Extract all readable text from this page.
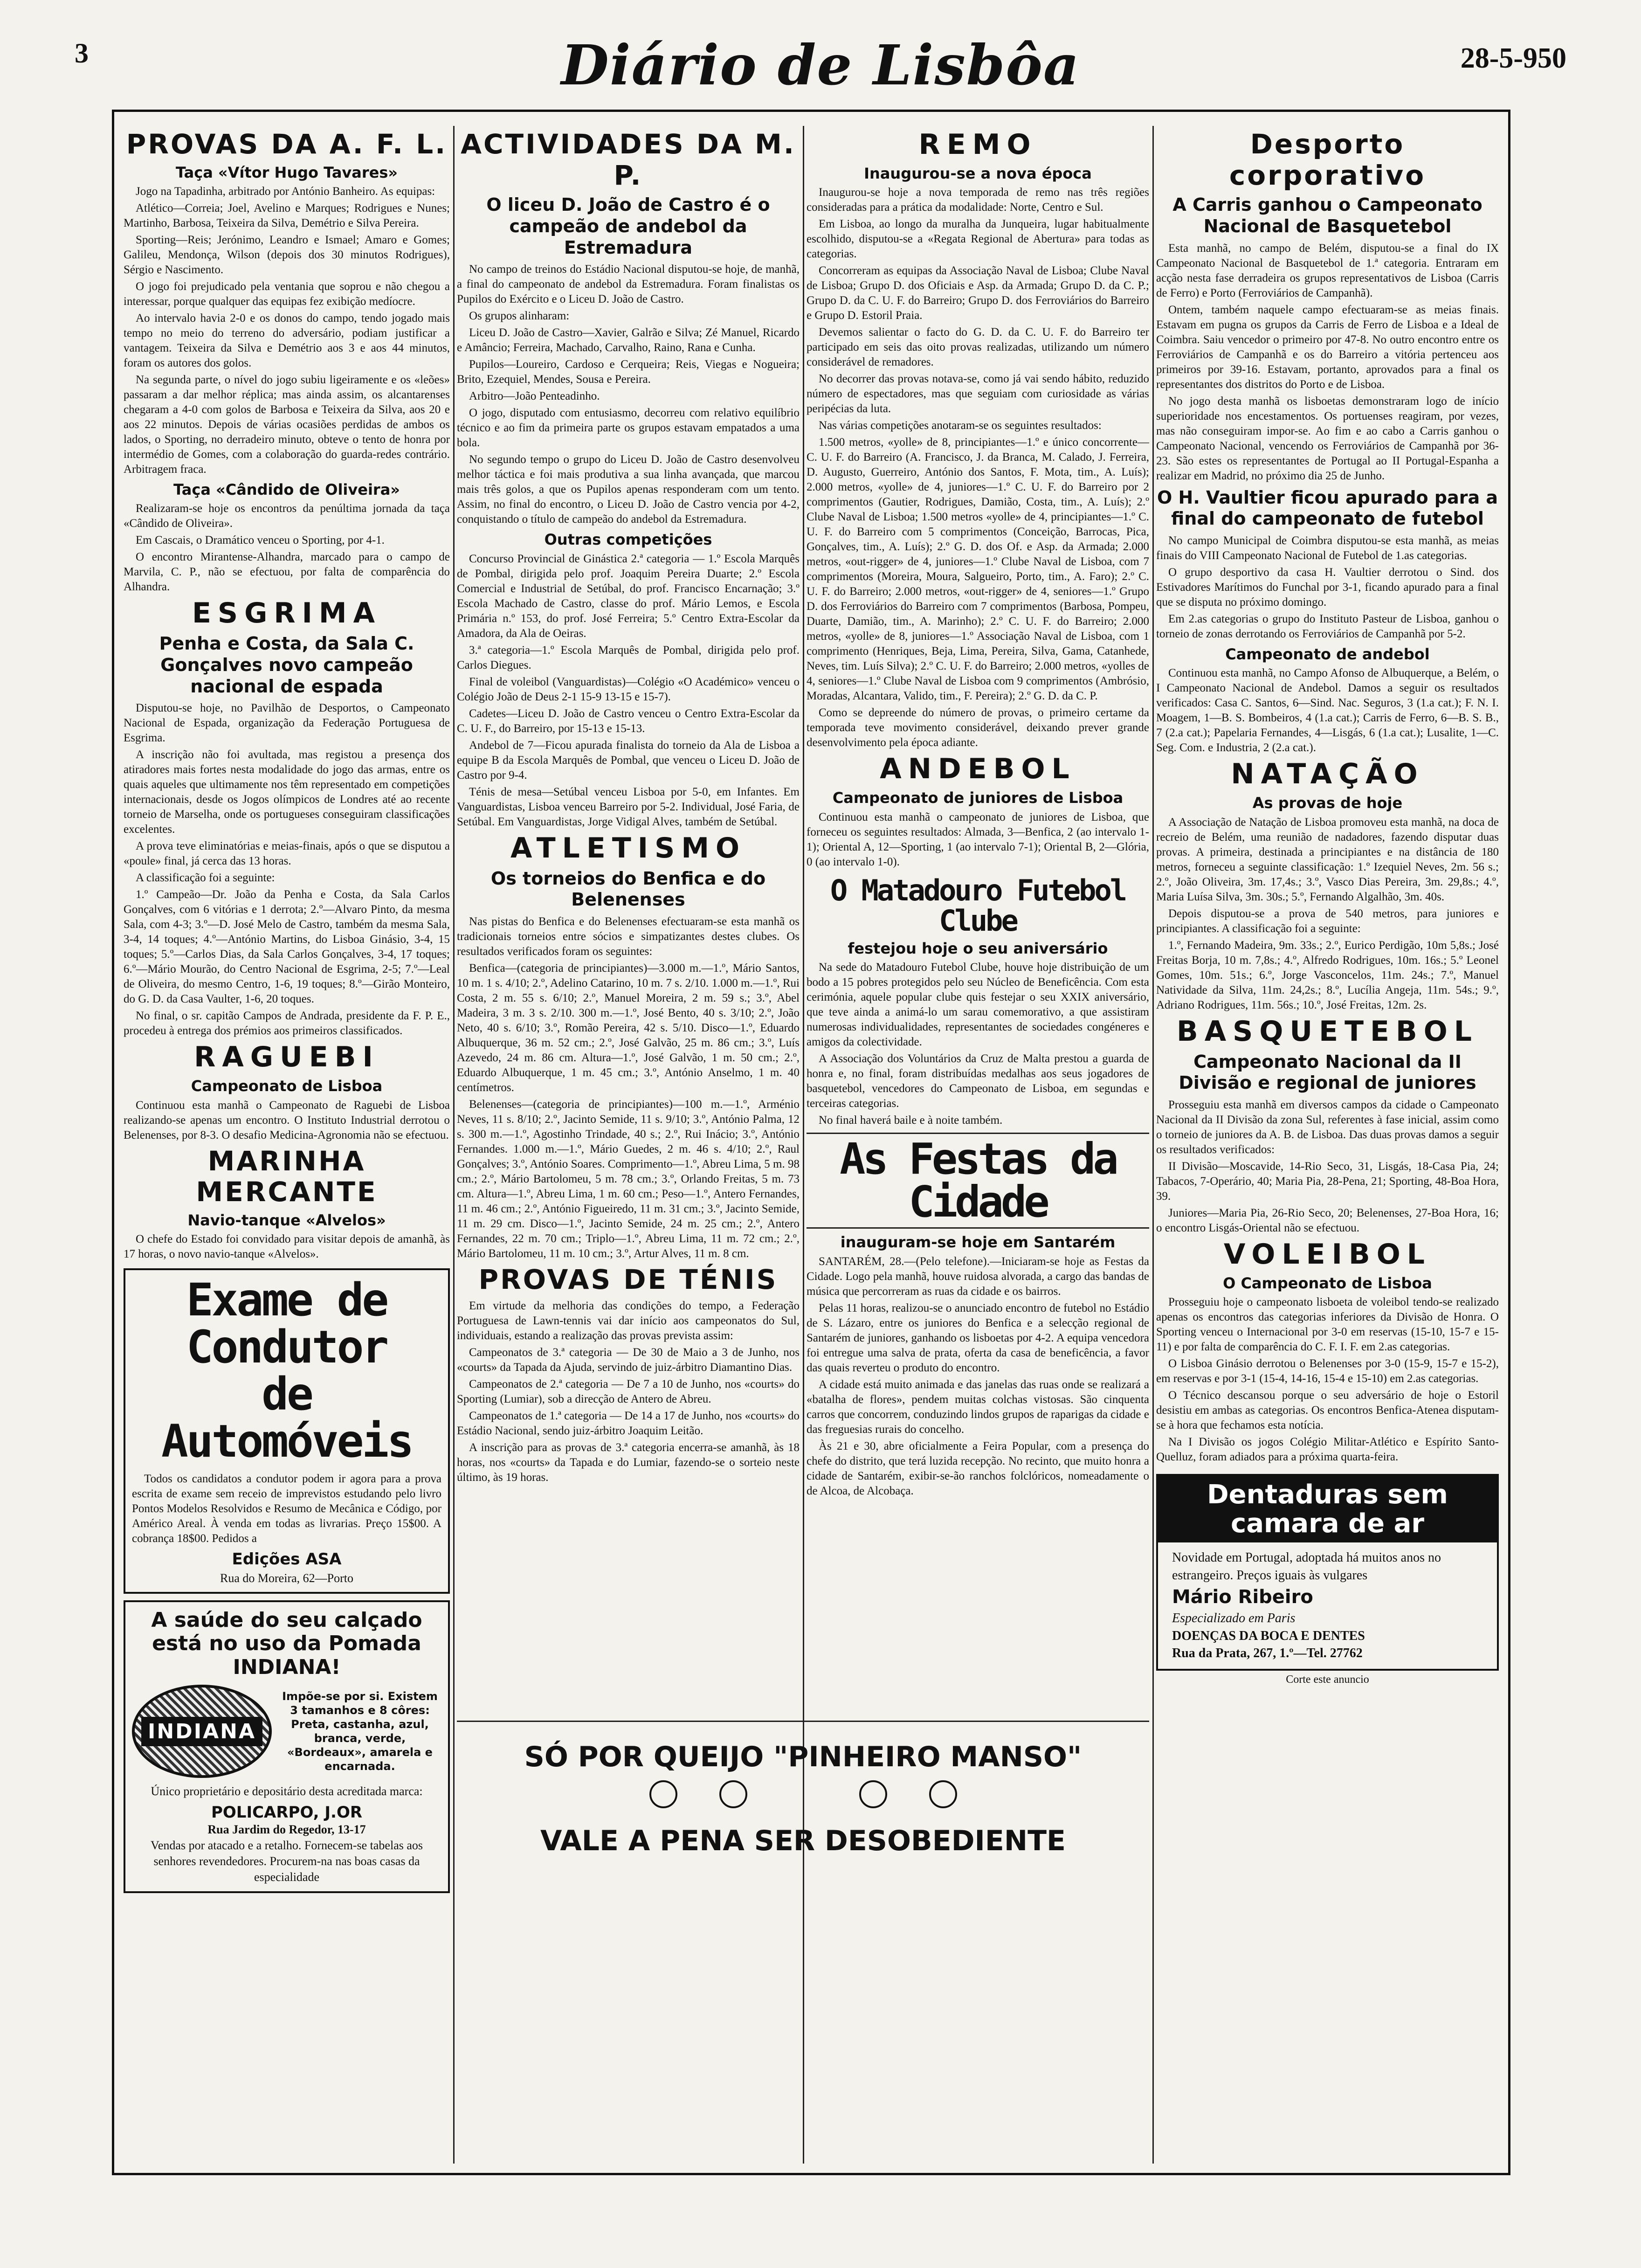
3	Diário de Lisbôa	28-5-950
PROVAS DA A. F. L.
Taça «Vítor Hugo Tavares»

Jogo na Tapadinha, arbitrado por António Banheiro. As equipas:

Atlético—Correia; Joel, Avelino e Marques; Rodrigues e Nunes; Martinho, Barbosa, Teixeira da Silva, Demétrio e Silva Pereira.

Sporting—Reis; Jerónimo, Leandro e Ismael; Amaro e Gomes; Galileu, Mendonça, Wilson (depois dos 30 minutos Rodrigues), Sérgio e Nascimento.

O jogo foi prejudicado pela ventania que soprou e não chegou a interessar, porque qualquer das equipas fez exibição medíocre.

Ao intervalo havia 2-0 e os donos do campo, tendo jogado mais tempo no meio do terreno do adversário, podiam justificar a vantagem. Teixeira da Silva e Demétrio aos 3 e aos 44 minutos, foram os autores dos golos.

Na segunda parte, o nível do jogo subiu ligeiramente e os «leões» passaram a dar melhor réplica; mas ainda assim, os alcantarenses chegaram a 4-0 com golos de Barbosa e Teixeira da Silva, aos 20 e aos 22 minutos. Depois de várias ocasiões perdidas de ambos os lados, o Sporting, no derradeiro minuto, obteve o tento de honra por intermédio de Gomes, com a colaboração do guarda-redes contrário. Arbitragem fraca.

Taça «Cândido de Oliveira»

Realizaram-se hoje os encontros da penúltima jornada da taça «Cândido de Oliveira».

Em Cascais, o Dramático venceu o Sporting, por 4-1.

O encontro Mirantense-Alhandra, marcado para o campo de Marvila, C. P., não se efectuou, por falta de comparência do Alhandra.

ESGRIMA
Penha e Costa, da Sala C. Gonçalves novo campeão nacional de espada

Disputou-se hoje, no Pavilhão de Desportos, o Campeonato Nacional de Espada, organização da Federação Portuguesa de Esgrima.

A inscrição não foi avultada, mas registou a presença dos atiradores mais fortes nesta modalidade do jogo das armas, entre os quais aqueles que ultimamente nos têm representado em competições internacionais, desde os Jogos olímpicos de Londres até ao recente torneio de Marselha, onde os portugueses conseguiram classificações excelentes.

A prova teve eliminatórias e meias-finais, após o que se disputou a «poule» final, já cerca das 13 horas.

A classificação foi a seguinte:

1.º Campeão—Dr. João da Penha e Costa, da Sala Carlos Gonçalves, com 6 vitórias e 1 derrota; 2.º—Alvaro Pinto, da mesma Sala, com 4-3; 3.º—D. José Melo de Castro, também da mesma Sala, 3-4, 14 toques; 4.º—António Martins, do Lisboa Ginásio, 3-4, 15 toques; 5.º—Carlos Dias, da Sala Carlos Gonçalves, 3-4, 17 toques; 6.º—Mário Mourão, do Centro Nacional de Esgrima, 2-5; 7.º—Leal de Oliveira, do mesmo Centro, 1-6, 19 toques; 8.º—Girão Monteiro, do G. D. da Casa Vaulter, 1-6, 20 toques.

No final, o sr. capitão Campos de Andrada, presidente da F. P. E., procedeu à entrega dos prémios aos primeiros classificados.

RAGUEBI
Campeonato de Lisboa

Continuou esta manhã o Campeonato de Raguebi de Lisboa realizando-se apenas um encontro. O Instituto Industrial derrotou o Belenenses, por 8-3. O desafio Medicina-Agronomia não se efectuou.

MARINHA MERCANTE
Navio-tanque «Alvelos»

O chefe do Estado foi convidado para visitar depois de amanhã, às 17 horas, o novo navio-tanque «Alvelos».

Exame de Condutor
de Automóveis

Todos os candidatos a condutor podem ir agora para a prova escrita de exame sem receio de imprevistos estudando pelo livro Pontos Modelos Resolvidos e Resumo de Mecânica e Código, por Américo Areal. À venda em todas as livrarias. Preço 15$00. A cobrança 18$00. Pedidos a

Edições ASA
Rua do Moreira, 62—Porto
A saúde do seu calçado está no uso da Pomada INDIANA!
INDIANA
Impõe-se por si. Existem 3 tamanhos e 8 côres: Preta, castanha, azul, branca, verde, «Bordeaux», amarela e encarnada.
Único proprietário e depositário desta acreditada marca:
POLICARPO, J.OR
Rua Jardim do Regedor, 13-17
Vendas por atacado e a retalho. Fornecem-se tabelas aos senhores revendedores. Procurem-na nas boas casas da especialidade
ACTIVIDADES DA M. P.
O liceu D. João de Castro é o campeão de andebol da Estremadura

No campo de treinos do Estádio Nacional disputou-se hoje, de manhã, a final do campeonato de andebol da Estremadura. Foram finalistas os Pupilos do Exército e o Liceu D. João de Castro.

Os grupos alinharam:

Liceu D. João de Castro—Xavier, Galrão e Silva; Zé Manuel, Ricardo e Amâncio; Ferreira, Machado, Carvalho, Raino, Rana e Cunha.

Pupilos—Loureiro, Cardoso e Cerqueira; Reis, Viegas e Nogueira; Brito, Ezequiel, Mendes, Sousa e Pereira.

Arbitro—João Penteadinho.

O jogo, disputado com entusiasmo, decorreu com relativo equilíbrio técnico e ao fim da primeira parte os grupos estavam empatados a uma bola.

No segundo tempo o grupo do Liceu D. João de Castro desenvolveu melhor táctica e foi mais produtiva a sua linha avançada, que marcou mais três golos, a que os Pupilos apenas responderam com um tento. Assim, no final do encontro, o Liceu D. João de Castro vencia por 4-2, conquistando o título de campeão do andebol da Estremadura.

Outras competições

Concurso Provincial de Ginástica 2.ª categoria — 1.º Escola Marquês de Pombal, dirigida pelo prof. Joaquim Pereira Duarte; 2.º Escola Comercial e Industrial de Setúbal, do prof. Francisco Encarnação; 3.º Escola Machado de Castro, classe do prof. Mário Lemos, e Escola Primária n.º 153, do prof. José Ferreira; 5.º Centro Extra-Escolar da Amadora, da Ala de Oeiras.

3.ª categoria—1.º Escola Marquês de Pombal, dirigida pelo prof. Carlos Diegues.

Final de voleibol (Vanguardistas)—Colégio «O Académico» venceu o Colégio João de Deus 2-1 15-9 13-15 e 15-7).

Cadetes—Liceu D. João de Castro venceu o Centro Extra-Escolar da C. U. F., do Barreiro, por 15-13 e 15-13.

Andebol de 7—Ficou apurada finalista do torneio da Ala de Lisboa a equipe B da Escola Marquês de Pombal, que venceu o Liceu D. João de Castro por 9-4.

Ténis de mesa—Setúbal venceu Lisboa por 5-0, em Infantes. Em Vanguardistas, Lisboa venceu Barreiro por 5-2. Individual, José Faria, de Setúbal. Em Vanguardistas, Jorge Vidigal Alves, também de Setúbal.

ATLETISMO
Os torneios do Benfica e do Belenenses

Nas pistas do Benfica e do Belenenses efectuaram-se esta manhã os tradicionais torneios entre sócios e simpatizantes destes clubes. Os resultados verificados foram os seguintes:

Benfica—(categoria de principiantes)—3.000 m.—1.º, Mário Santos, 10 m. 1 s. 4/10; 2.º, Adelino Catarino, 10 m. 7 s. 2/10. 1.000 m.—1.º, Rui Costa, 2 m. 55 s. 6/10; 2.º, Manuel Moreira, 2 m. 59 s.; 3.º, Abel Madeira, 3 m. 3 s. 2/10. 300 m.—1.º, José Bento, 40 s. 3/10; 2.º, João Neto, 40 s. 6/10; 3.º, Romão Pereira, 42 s. 5/10. Disco—1.º, Eduardo Albuquerque, 36 m. 52 cm.; 2.º, José Galvão, 25 m. 86 cm.; 3.º, Luís Azevedo, 24 m. 86 cm. Altura—1.º, José Galvão, 1 m. 50 cm.; 2.º, Eduardo Albuquerque, 1 m. 45 cm.; 3.º, António Anselmo, 1 m. 40 centímetros.

Belenenses—(categoria de principiantes)—100 m.—1.º, Arménio Neves, 11 s. 8/10; 2.º, Jacinto Semide, 11 s. 9/10; 3.º, António Palma, 12 s. 300 m.—1.º, Agostinho Trindade, 40 s.; 2.º, Rui Inácio; 3.º, António Fernandes. 1.000 m.—1.º, Mário Guedes, 2 m. 46 s. 4/10; 2.º, Raul Gonçalves; 3.º, António Soares. Comprimento—1.º, Abreu Lima, 5 m. 98 cm.; 2.º, Mário Bartolomeu, 5 m. 78 cm.; 3.º, Orlando Freitas, 5 m. 73 cm. Altura—1.º, Abreu Lima, 1 m. 60 cm.; Peso—1.º, Antero Fernandes, 11 m. 46 cm.; 2.º, António Figueiredo, 11 m. 31 cm.; 3.º, Jacinto Semide, 11 m. 29 cm. Disco—1.º, Jacinto Semide, 24 m. 25 cm.; 2.º, Antero Fernandes, 22 m. 70 cm.; Triplo—1.º, Abreu Lima, 11 m. 72 cm.; 2.º, Mário Bartolomeu, 11 m. 10 cm.; 3.º, Artur Alves, 11 m. 8 cm.

PROVAS DE TÉNIS

Em virtude da melhoria das condições do tempo, a Federação Portuguesa de Lawn-tennis vai dar início aos campeonatos do Sul, individuais, estando a realização das provas prevista assim:

Campeonatos de 3.ª categoria — De 30 de Maio a 3 de Junho, nos «courts» da Tapada da Ajuda, servindo de juiz-árbitro Diamantino Dias.

Campeonatos de 2.ª categoria — De 7 a 10 de Junho, nos «courts» do Sporting (Lumiar), sob a direcção de Antero de Abreu.

Campeonatos de 1.ª categoria — De 14 a 17 de Junho, nos «courts» do Estádio Nacional, sendo juiz-árbitro Joaquim Leitão.

A inscrição para as provas de 3.ª categoria encerra-se amanhã, às 18 horas, nos «courts» da Tapada e do Lumiar, fazendo-se o sorteio neste último, às 19 horas.

REMO
Inaugurou-se a nova época

Inaugurou-se hoje a nova temporada de remo nas três regiões consideradas para a prática da modalidade: Norte, Centro e Sul.

Em Lisboa, ao longo da muralha da Junqueira, lugar habitualmente escolhido, disputou-se a «Regata Regional de Abertura» para todas as categorias.

Concorreram as equipas da Associação Naval de Lisboa; Clube Naval de Lisboa; Grupo D. dos Oficiais e Asp. da Armada; Grupo D. da C. P.; Grupo D. da C. U. F. do Barreiro; Grupo D. dos Ferroviários do Barreiro e Grupo D. Estoril Praia.

Devemos salientar o facto do G. D. da C. U. F. do Barreiro ter participado em seis das oito provas realizadas, utilizando um número considerável de remadores.

No decorrer das provas notava-se, como já vai sendo hábito, reduzido número de espectadores, mas que seguiam com curiosidade as várias peripécias da luta.

Nas várias competições anotaram-se os seguintes resultados:

1.500 metros, «yolle» de 8, principiantes—1.º e único concorrente—C. U. F. do Barreiro (A. Francisco, J. da Branca, M. Calado, J. Ferreira, D. Augusto, Guerreiro, António dos Santos, F. Mota, tim., A. Luís); 2.000 metros, «yolle» de 4, juniores—1.º C. U. F. do Barreiro por 2 comprimentos (Gautier, Rodrigues, Damião, Costa, tim., A. Luís); 2.º Clube Naval de Lisboa; 1.500 metros «yolle» de 4, principiantes—1.º C. U. F. do Barreiro com 5 comprimentos (Conceição, Barrocas, Pica, Gonçalves, tim., A. Luís); 2.º G. D. dos Of. e Asp. da Armada; 2.000 metros, «out-rigger» de 4, juniores—1.º Clube Naval de Lisboa, com 7 comprimentos (Moreira, Moura, Salgueiro, Porto, tim., A. Faro); 2.º C. U. F. do Barreiro; 2.000 metros, «out-rigger» de 4, seniores—1.º Grupo D. dos Ferroviários do Barreiro com 7 comprimentos (Barbosa, Pompeu, Duarte, Damião, tim., A. Marinho); 2.º C. U. F. do Barreiro; 2.000 metros, «yolle» de 8, juniores—1.º Associação Naval de Lisboa, com 1 comprimento (Henriques, Beja, Lima, Pereira, Silva, Gama, Catanhede, Neves, tim. Luís Silva); 2.º C. U. F. do Barreiro; 2.000 metros, «yolles de 4, seniores—1.º Clube Naval de Lisboa com 9 comprimentos (Ambrósio, Moradas, Alcantara, Valido, tim., F. Pereira); 2.º G. D. da C. P.

Como se depreende do número de provas, o primeiro certame da temporada teve movimento considerável, deixando prever grande desenvolvimento pela época adiante.

ANDEBOL
Campeonato de juniores de Lisboa

Continuou esta manhã o campeonato de juniores de Lisboa, que forneceu os seguintes resultados: Almada, 3—Benfica, 2 (ao intervalo 1-1); Oriental A, 12—Sporting, 1 (ao intervalo 7-1); Oriental B, 2—Glória, 0 (ao intervalo 1-0).

O Matadouro Futebol Clube
festejou hoje o seu aniversário

Na sede do Matadouro Futebol Clube, houve hoje distribuição de um bodo a 15 pobres protegidos pelo seu Núcleo de Beneficência. Com esta cerimónia, aquele popular clube quis festejar o seu XXIX aniversário, que teve ainda a animá-lo um sarau comemorativo, a que assistiram numerosas individualidades, representantes de sociedades congéneres e amigos da colectividade.

A Associação dos Voluntários da Cruz de Malta prestou a guarda de honra e, no final, foram distribuídas medalhas aos seus jogadores de basquetebol, vencedores do Campeonato de Lisboa, em segundas e terceiras categorias.

No final haverá baile e à noite também.

As Festas da Cidade
inauguram-se hoje em Santarém

SANTARÉM, 28.—(Pelo telefone).—Iniciaram-se hoje as Festas da Cidade. Logo pela manhã, houve ruidosa alvorada, a cargo das bandas de música que percorreram as ruas da cidade e os bairros.

Pelas 11 horas, realizou-se o anunciado encontro de futebol no Estádio de S. Lázaro, entre os juniores do Benfica e a selecção regional de Santarém de juniores, ganhando os lisboetas por 4-2. A equipa vencedora foi entregue uma salva de prata, oferta da casa de beneficência, a favor das quais reverteu o produto do encontro.

A cidade está muito animada e das janelas das ruas onde se realizará a «batalha de flores», pendem muitas colchas vistosas. São cinquenta carros que concorrem, conduzindo lindos grupos de raparigas da cidade e das freguesias rurais do concelho.

Às 21 e 30, abre oficialmente a Feira Popular, com a presença do chefe do distrito, que terá luzida recepção. No recinto, que muito honra a cidade de Santarém, exibir-se-ão ranchos folclóricos, nomeadamente o de Alcoa, de Alcobaça.

Desporto corporativo
A Carris ganhou o Campeonato Nacional de Basquetebol

Esta manhã, no campo de Belém, disputou-se a final do IX Campeonato Nacional de Basquetebol de 1.ª categoria. Entraram em acção nesta fase derradeira os grupos representativos de Lisboa (Carris de Ferro) e Porto (Ferroviários de Campanhã).

Ontem, também naquele campo efectuaram-se as meias finais. Estavam em pugna os grupos da Carris de Ferro de Lisboa e a Ideal de Coimbra. Saiu vencedor o primeiro por 47-8. No outro encontro entre os Ferroviários de Campanhã e os do Barreiro a vitória pertenceu aos primeiros por 39-16. Estavam, portanto, aprovados para a final os representantes dos distritos do Porto e de Lisboa.

No jogo desta manhã os lisboetas demonstraram logo de início superioridade nos encestamentos. Os portuenses reagiram, por vezes, mas não conseguiram impor-se. Ao fim e ao cabo a Carris ganhou o Campeonato Nacional, vencendo os Ferroviários de Campanhã por 36-23. São estes os representantes de Portugal ao II Portugal-Espanha a realizar em Madrid, no próximo dia 25 de Junho.

O H. Vaultier ficou apurado para a final do campeonato de futebol

No campo Municipal de Coimbra disputou-se esta manhã, as meias finais do VIII Campeonato Nacional de Futebol de 1.as categorias.

O grupo desportivo da casa H. Vaultier derrotou o Sind. dos Estivadores Marítimos do Funchal por 3-1, ficando apurado para a final que se disputa no próximo domingo.

Em 2.as categorias o grupo do Instituto Pasteur de Lisboa, ganhou o torneio de zonas derrotando os Ferroviários de Campanhã por 5-2.

Campeonato de andebol

Continuou esta manhã, no Campo Afonso de Albuquerque, a Belém, o I Campeonato Nacional de Andebol. Damos a seguir os resultados verificados: Casa C. Santos, 6—Sind. Nac. Seguros, 3 (1.a cat.); F. N. I. Moagem, 1—B. S. Bombeiros, 4 (1.a cat.); Carris de Ferro, 6—B. S. B., 7 (2.a cat.); Papelaria Fernandes, 4—Lisgás, 6 (1.a cat.); Lusalite, 1—C. Seg. Com. e Industria, 2 (2.a cat.).

NATAÇÃO
As provas de hoje

A Associação de Natação de Lisboa promoveu esta manhã, na doca de recreio de Belém, uma reunião de nadadores, fazendo disputar duas provas. A primeira, destinada a principiantes e na distância de 180 metros, forneceu a seguinte classificação: 1.º Izequiel Neves, 2m. 56 s.; 2.º, João Oliveira, 3m. 17,4s.; 3.º, Vasco Dias Pereira, 3m. 29,8s.; 4.º, Maria Luísa Silva, 3m. 30s.; 5.º, Fernando Algalhão, 3m. 40s.

Depois disputou-se a prova de 540 metros, para juniores e principiantes. A classificação foi a seguinte:

1.º, Fernando Madeira, 9m. 33s.; 2.º, Eurico Perdigão, 10m 5,8s.; José Freitas Borja, 10 m. 7,8s.; 4.º, Alfredo Rodrigues, 10m. 16s.; 5.º Leonel Gomes, 10m. 51s.; 6.º, Jorge Vasconcelos, 11m. 24s.; 7.º, Manuel Natividade da Silva, 11m. 24,2s.; 8.º, Lucília Angeja, 11m. 54s.; 9.º, Adriano Rodrigues, 11m. 56s.; 10.º, José Freitas, 12m. 2s.

BASQUETEBOL
Campeonato Nacional da II Divisão e regional de juniores

Prosseguiu esta manhã em diversos campos da cidade o Campeonato Nacional da II Divisão da zona Sul, referentes à fase inicial, assim como o torneio de juniores da A. B. de Lisboa. Das duas provas damos a seguir os resultados verificados:

II Divisão—Moscavide, 14-Rio Seco, 31, Lisgás, 18-Casa Pia, 24; Tabacos, 7-Operário, 40; Maria Pia, 28-Pena, 21; Sporting, 48-Boa Hora, 39.

Juniores—Maria Pia, 26-Rio Seco, 20; Belenenses, 27-Boa Hora, 16; o encontro Lisgás-Oriental não se efectuou.

VOLEIBOL
O Campeonato de Lisboa

Prosseguiu hoje o campeonato lisboeta de voleibol tendo-se realizado apenas os encontros das categorias inferiores da Divisão de Honra. O Sporting venceu o Internacional por 3-0 em reservas (15-10, 15-7 e 15-11) e por falta de comparência do C. F. I. F. em 2.as categorias.

O Lisboa Ginásio derrotou o Belenenses por 3-0 (15-9, 15-7 e 15-2), em reservas e por 3-1 (15-4, 14-16, 15-4 e 15-10) em 2.as categorias.

O Técnico descansou porque o seu adversário de hoje o Estoril desistiu em ambas as categorias. Os encontros Benfica-Atenea disputam-se à hora que fechamos esta notícia.

Na I Divisão os jogos Colégio Militar-Atlético e Espírito Santo-Quelluz, foram adiados para a próxima quarta-feira.

Dentaduras sem camara de ar
Novidade em Portugal, adoptada há muitos anos no estrangeiro. Preços iguais às vulgares
Mário Ribeiro
Especializado em Paris
DOENÇAS DA BOCA E DENTES
Rua da Prata, 267, 1.º—Tel. 27762
Corte este anuncio
SÓ POR QUEIJO "PINHEIRO MANSO"
VALE A PENA SER DESOBEDIENTE
